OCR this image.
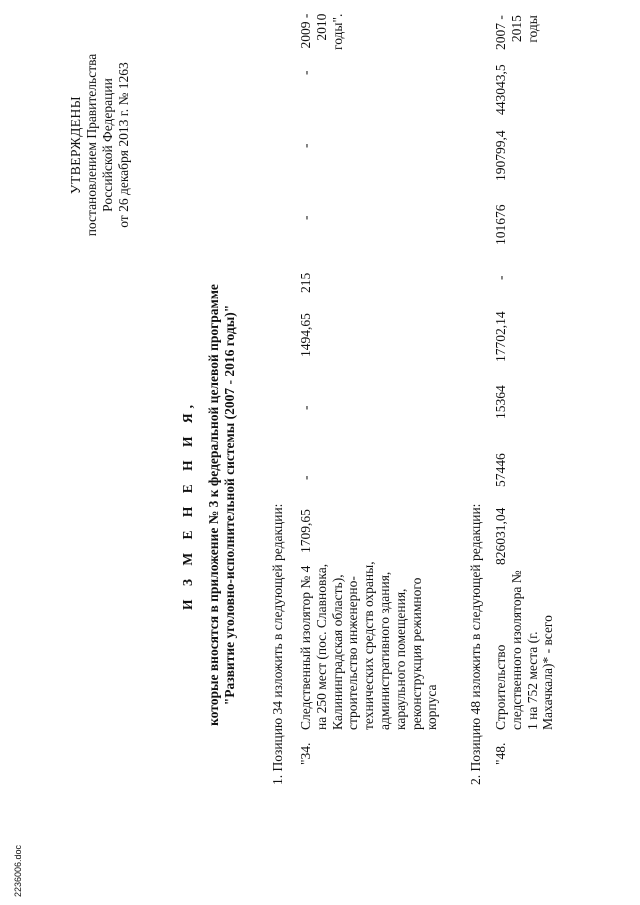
УТВЕРЖДЕНЫ постановлением Правительства Российской Федерации от 26 декабря 2013 г. № 1263
И З М Е Н Е Н И Я, которые вносятся в приложение № 3 к федеральной целевой программе "Развитие уголовно-исполнительной системы (2007 - 2016 годы)" 1. Позицию 34 изложить в следующей редакции: "34.
Следственный изолятор № 4 на 250 мест (пос. Славновка, Калининградская область), строительство инженерно-технических средств охраны, административного здания, караульного помещения, реконструкция режимного корпуса
1709,65
-
-
1494,65
215
-
-
-
2009 - 2010 годы".
2. Позицию 48 изложить в следующей редакции: "48.
Строительство следственного изолятора № 1 на 752 места (г. Махачкала)* - всего
826031,04
57446
15364
17702,14
-
101676
190799,4
443043,5
2007 - 2015 годы
2236006.doc
